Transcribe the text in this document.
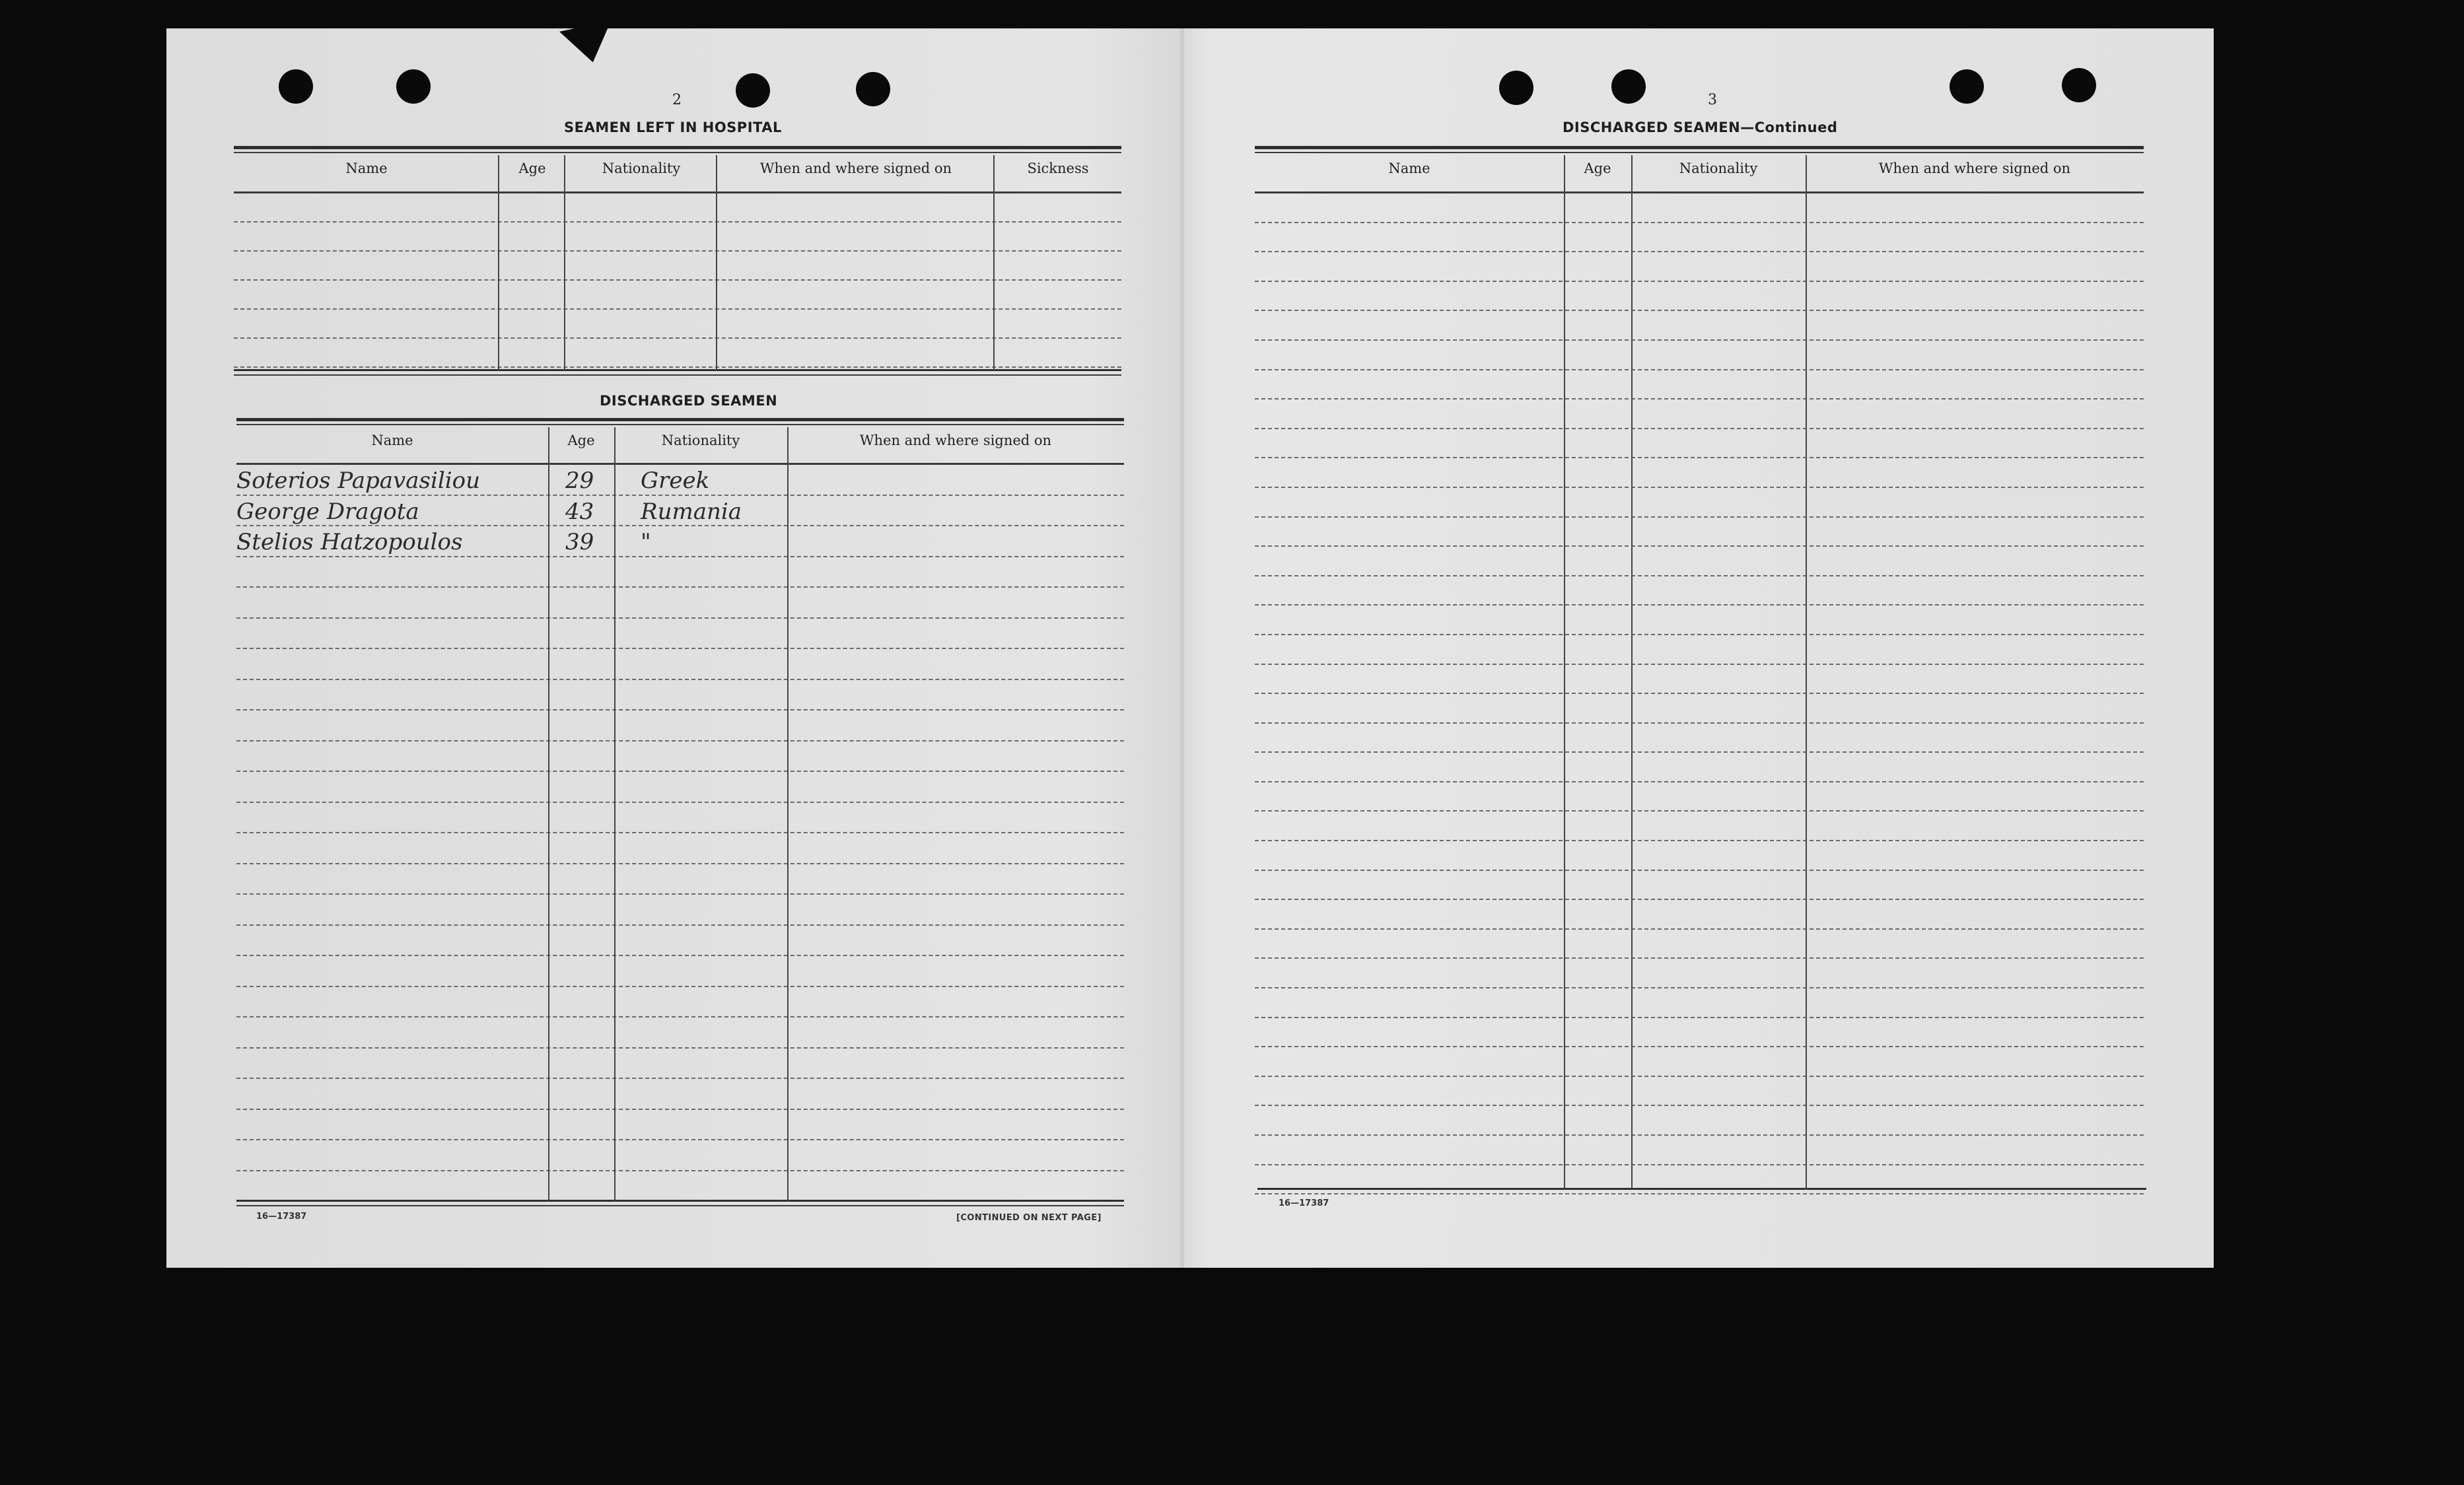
2
SEAMEN LEFT IN HOSPITAL
Name	Age	Nationality	When and where signed on	Sickness
DISCHARGED SEAMEN
Name	Age	Nationality	When and where signed on
Soterios Papavasiliou	29 Greek
George Dragota	43 Rumania
Stelios Hatzopoulos	39 "
16—17387	[CONTINUED ON NEXT PAGE]
3
DISCHARGED SEAMEN—Continued
Name	Age	Nationality	When and where signed on
16—17387
